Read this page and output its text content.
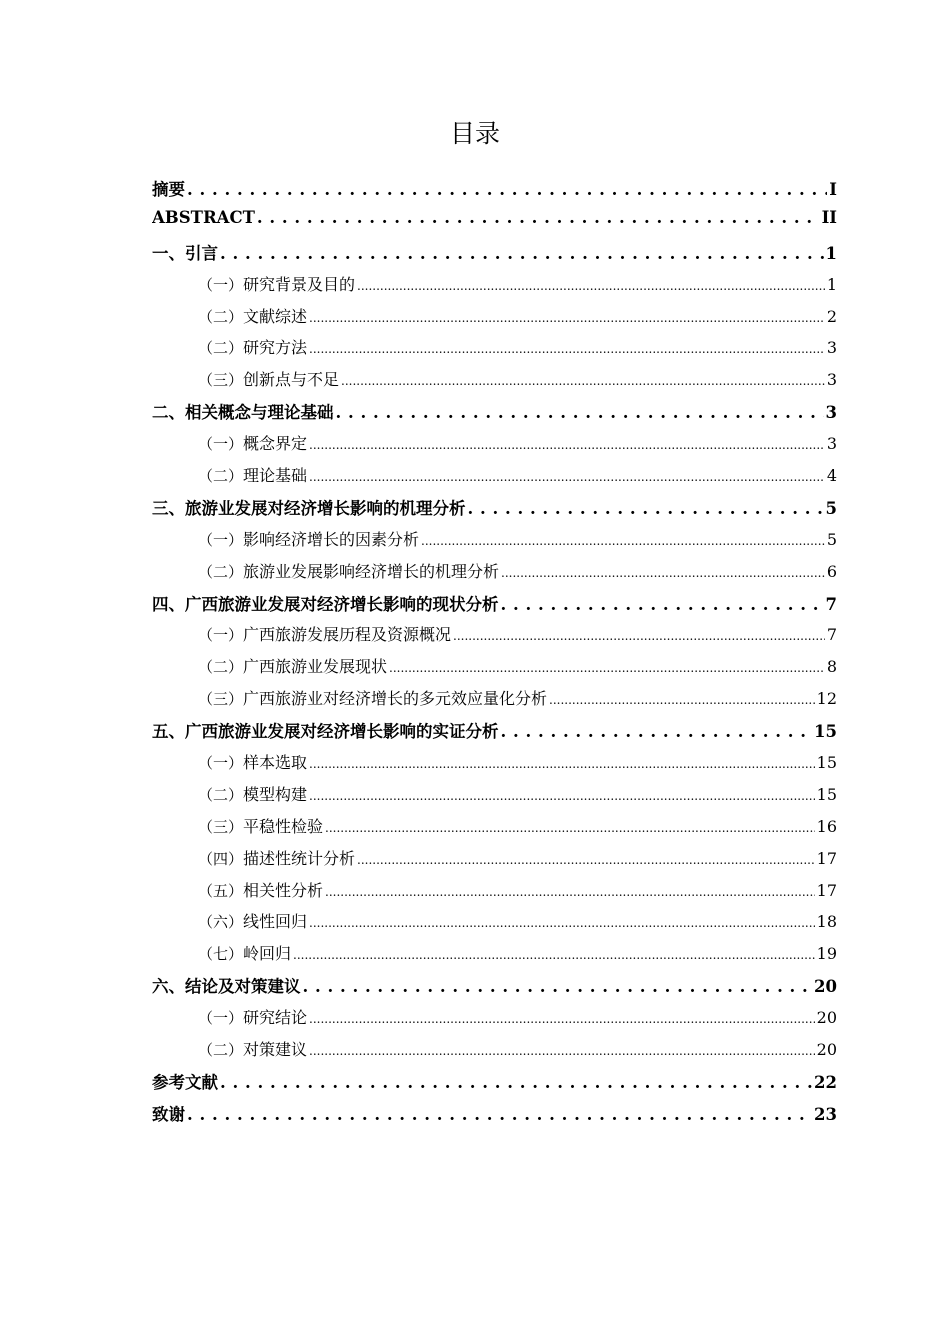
目录
摘要 . . .	I
ABSTRACT . . .	II
一、 引言 . . .	1
（一） 研究背景及目的 .....	1
（二） 文献综述 .....	2
（二） 研究方法 .....	3
（三） 创新点与不足 .....	3
二、 相关概念与理论基础 . . .	3
（一） 概念界定 .....	3
（二） 理论基础 .....	4
三、 旅游业发展对经济增长影响的机理分析 . . .	5
（一） 影响经济增长的因素分析 .....	5
（二） 旅游业发展影响经济增长的机理分析 .....	6
四、 广西旅游业发展对经济增长影响的现状分析 . . .	7
（一） 广西旅游发展历程及资源概况 .....	7
（二） 广西旅游业发展现状 .....	8
（三） 广西旅游业对经济增长的多元效应量化分析 .....	12
五、 广西旅游业发展对经济增长影响的实证分析 . . .	15
（一） 样本选取 .....	15
（二） 模型构建 .....	15
（三） 平稳性检验 .....	16
（四） 描述性统计分析 .....	17
（五） 相关性分析 .....	17
（六） 线性回归 .....	18
（七） 岭回归 .....	19
六、 结论及对策建议 . . .	20
（一） 研究结论 .....	20
（二） 对策建议 .....	20
参考文献 . . .	22
致谢 . . .	23
